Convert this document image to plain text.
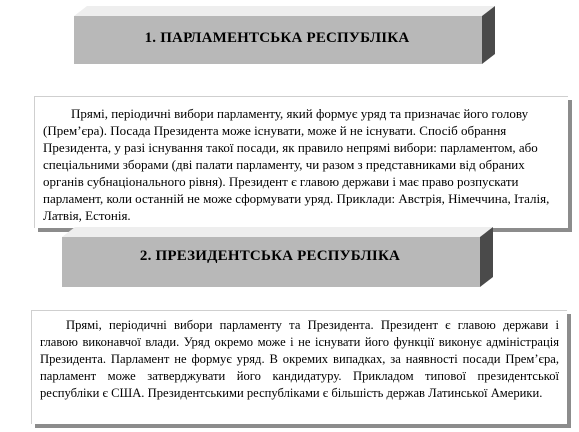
1. ПАРЛАМЕНТСЬКА РЕСПУБЛІКА

Прямі, періодичні вибори парламенту, який формує уряд та призначає його голову (Прем’єра). Посада Президента може існувати, може й не існувати. Спосіб обрання Президента, у разі існування такої посади, як правило непрямі вибори: парламентом, або спеціальними зборами (дві палати парламенту, чи разом з представниками від обраних органів субнаціонального рівня). Президент є главою держави і має право розпускати парламент, коли останній не може сформувати уряд. Приклади: Австрія, Німеччина, Італія, Латвія, Естонія.

2. ПРЕЗИДЕНТСЬКА РЕСПУБЛІКА

Прямі, періодичні вибори парламенту та Президента. Президент є главою держави і главою виконавчої влади. Уряд окремо може і не існувати його функції виконує адміністрація Президента. Парламент не формує уряд. В окремих випадках, за наявності посади Прем’єра, парламент може затверджувати його кандидатуру. Прикладом типової президентської республіки є США. Президентськими республіками є більшість держав Латинської Америки.
